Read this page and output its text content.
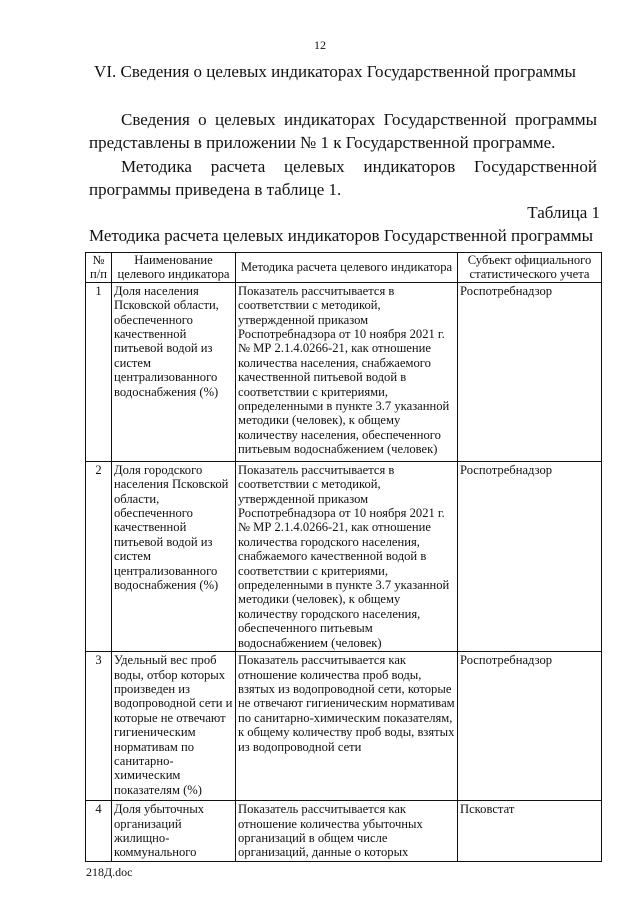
12
VI. Сведения о целевых индикаторах Государственной программы
Сведения о целевых индикаторах Государственной программы
представлены в приложении № 1 к Государственной программе.
Методика расчета целевых индикаторов Государственной
программы приведена в таблице 1.
Таблица 1
Методика расчета целевых индикаторов Государственной программы
№ п/п	Наименование целевого индикатора	Методика расчета целевого индикатора	Субъект официального статистического учета
1	Доля населения Псковской области, обеспеченного качественной питьевой водой из систем централизованного водоснабжения (%)	Показатель рассчитывается в соответствии с методикой, утвержденной приказом Роспотребнадзора от 10 ноября 2021 г. № МР 2.1.4.0266-21, как отношение количества населения, снабжаемого качественной питьевой водой в соответствии с критериями, определенными в пункте 3.7 указанной методики (человек), к общему количеству населения, обеспеченного питьевым водоснабжением (человек)	Роспотребнадзор
2	Доля городского населения Псковской области, обеспеченного качественной питьевой водой из систем централизованного водоснабжения (%)	Показатель рассчитывается в соответствии с методикой, утвержденной приказом Роспотребнадзора от 10 ноября 2021 г. № МР 2.1.4.0266-21, как отношение количества городского населения, снабжаемого качественной водой в соответствии с критериями, определенными в пункте 3.7 указанной методики (человек), к общему количеству городского населения, обеспеченного питьевым водоснабжением (человек)	Роспотребнадзор
3	Удельный вес проб воды, отбор которых произведен из водопроводной сети и которые не отвечают гигиеническим нормативам по санитарно-химическим показателям (%)	Показатель рассчитывается как отношение количества проб воды, взятых из водопроводной сети, которые не отвечают гигиеническим нормативам по санитарно-химическим показателям, к общему количеству проб воды, взятых из водопроводной сети	Роспотребнадзор
4	Доля убыточных организаций жилищно-коммунального	Показатель рассчитывается как отношение количества убыточных организаций в общем числе организаций, данные о которых	Псковстат
218Д.doc
